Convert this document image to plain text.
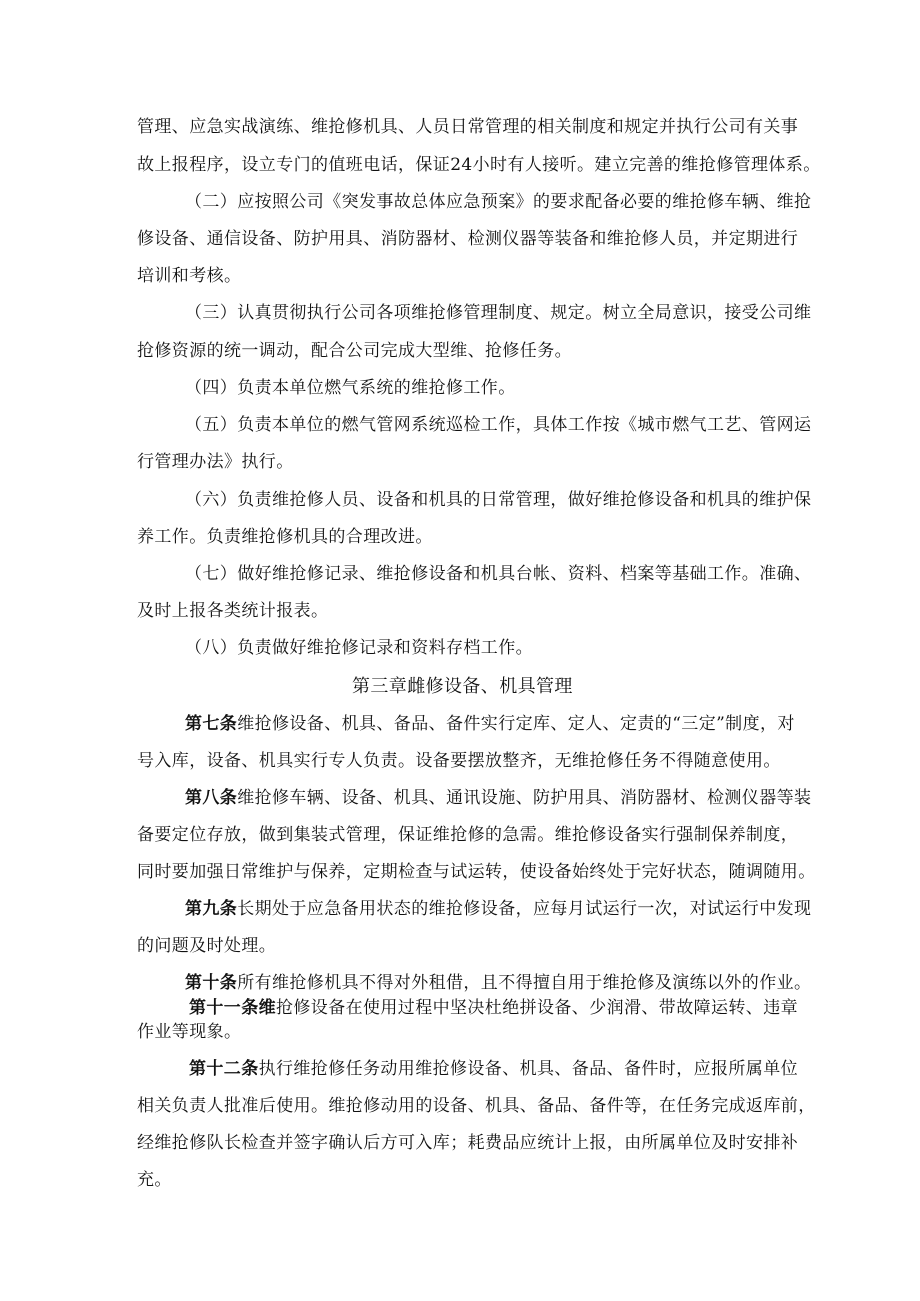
管理、应急实战演练、维抢修机具、人员日常管理的相关制度和规定并执行公司有关事
故上报程序，设立专门的值班电话，保证24小时有人接听。建立完善的维抢修管理体系。
（二）应按照公司《突发事故总体应急预案》的要求配备必要的维抢修车辆、维抢
修设备、通信设备、防护用具、消防器材、检测仪器等装备和维抢修人员，并定期进行
培训和考核。
（三）认真贯彻执行公司各项维抢修管理制度、规定。树立全局意识，接受公司维
抢修资源的统一调动，配合公司完成大型维、抢修任务。
（四）负责本单位燃气系统的维抢修工作。
（五）负责本单位的燃气管网系统巡检工作，具体工作按《城市燃气工艺、管网运
行管理办法》执行。
（六）负责维抢修人员、设备和机具的日常管理，做好维抢修设备和机具的维护保
养工作。负责维抢修机具的合理改进。
（七）做好维抢修记录、维抢修设备和机具台帐、资料、档案等基础工作。准确、
及时上报各类统计报表。
（八）负责做好维抢修记录和资料存档工作。
第三章雌修设备、机具管理
第七条维抢修设备、机具、备品、备件实行定库、定人、定责的“三定”制度，对
号入库，设备、机具实行专人负责。设备要摆放整齐，无维抢修任务不得随意使用。
第八条维抢修车辆、设备、机具、通讯设施、防护用具、消防器材、检测仪器等装
备要定位存放，做到集装式管理，保证维抢修的急需。维抢修设备实行强制保养制度，
同时要加强日常维护与保养，定期检查与试运转，使设备始终处于完好状态，随调随用。
第九条长期处于应急备用状态的维抢修设备，应每月试运行一次，对试运行中发现
的问题及时处理。
第十条所有维抢修机具不得对外租借，且不得擅自用于维抢修及演练以外的作业。
第十一条维抢修设备在使用过程中坚决杜绝拼设备、少润滑、带故障运转、违章
作业等现象。
第十二条执行维抢修任务动用维抢修设备、机具、备品、备件时，应报所属单位
相关负责人批准后使用。维抢修动用的设备、机具、备品、备件等，在任务完成返库前，
经维抢修队长检查并签字确认后方可入库；耗费品应统计上报，由所属单位及时安排补
充。
